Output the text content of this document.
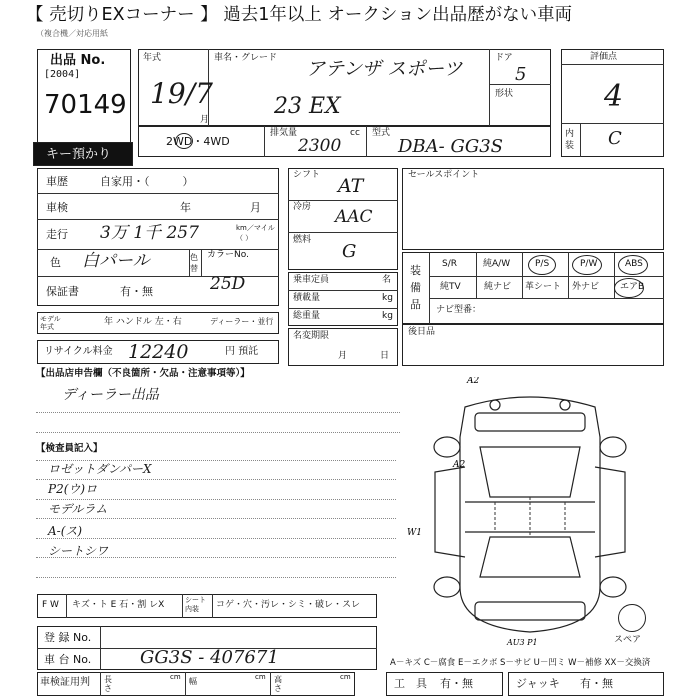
【 売切りEXコーナー 】 過去1年以上 オークション出品歴がない車両
（複合機／対応用紙
出品 No.
[2004]
70149
キー預かり
年式
19/7
月
車名・グレード アテンザ スポーツ
23 EX
ドア
5
形状
評価点
4
内装 C
2WD・4WD
排気量	cc
2300
型式
DBA- GG3S
車歴	自家用・（　　　）
車検	年	月
走行 3万 1千 257	km／マイル（ ）
色 白パール	色替
カラーNo.
25D
保証書	有・無
モデル年式	年 ハンドル 左・右	ディーラー・並行
リサイクル料金 12240	円 預託
シフト AT
冷房 AAC
燃料
G
乗車定員	名
積載量	kg
総重量	kg
名変期限
月	日
セールスポイント
装備品
S/R	純A/W	P/S	P/W	ABS
純TV	純ナビ 革シート 外ナビ エアB
ナビ型番：
後日品
【出品店申告欄（不良箇所・欠品・注意事項等）】
ディーラー出品
【検査員記入】
ロゼットダンパーX
P2(ウ)ロ
モデルラム
A-(ス)
シートシワ
F W キズ・ト E 石・割 レX	シート内装	コゲ・穴・汚レ・シミ・破レ・スレ
登 録 No.
車 台 No.	GG3S - 407671	A－キズ C－腐食 E－エクボ S－サビ U－凹ミ W－補修 XX－交換済
車検証用判 長さ
cm 幅	cm 高さ
cm	工　具 有・無	ジャッキ 有・無
A2
A2
W1
AU3 P1	スペア
